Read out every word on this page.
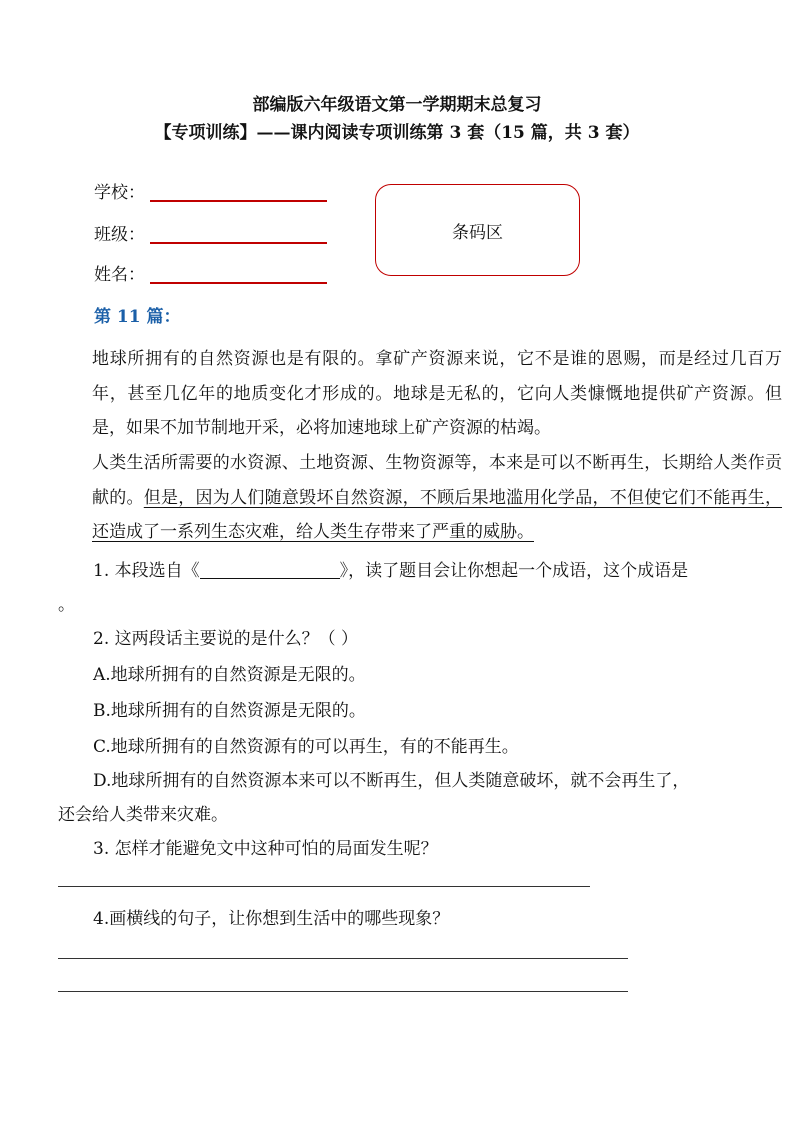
部编版六年级语文第一学期期末总复习
【专项训练】——课内阅读专项训练第 3 套（15 篇，共 3 套）
学校：
班级：
姓名：
条码区
第 11 篇：
地球所拥有的自然资源也是有限的。拿矿产资源来说，它不是谁的恩赐，而是经过几百万年，甚至几亿年的地质变化才形成的。地球是无私的，它向人类慷慨地提供矿产资源。但是，如果不加节制地开采，必将加速地球上矿产资源的枯竭。
人类生活所需要的水资源、土地资源、生物资源等，本来是可以不断再生，长期给人类作贡献的。但是，因为人们随意毁坏自然资源，不顾后果地滥用化学品，不但使它们不能再生，还造成了一系列生态灾难，给人类生存带来了严重的威胁。
1. 本段选自《	》，读了题目会让你想起一个成语，这个成语是
。
2. 这两段话主要说的是什么？（ ）
A.地球所拥有的自然资源是无限的。
B.地球所拥有的自然资源是无限的。
C.地球所拥有的自然资源有的可以再生，有的不能再生。
D.地球所拥有的自然资源本来可以不断再生，但人类随意破坏，就不会再生了，
还会给人类带来灾难。
3. 怎样才能避免文中这种可怕的局面发生呢？
4.画横线的句子，让你想到生活中的哪些现象？
